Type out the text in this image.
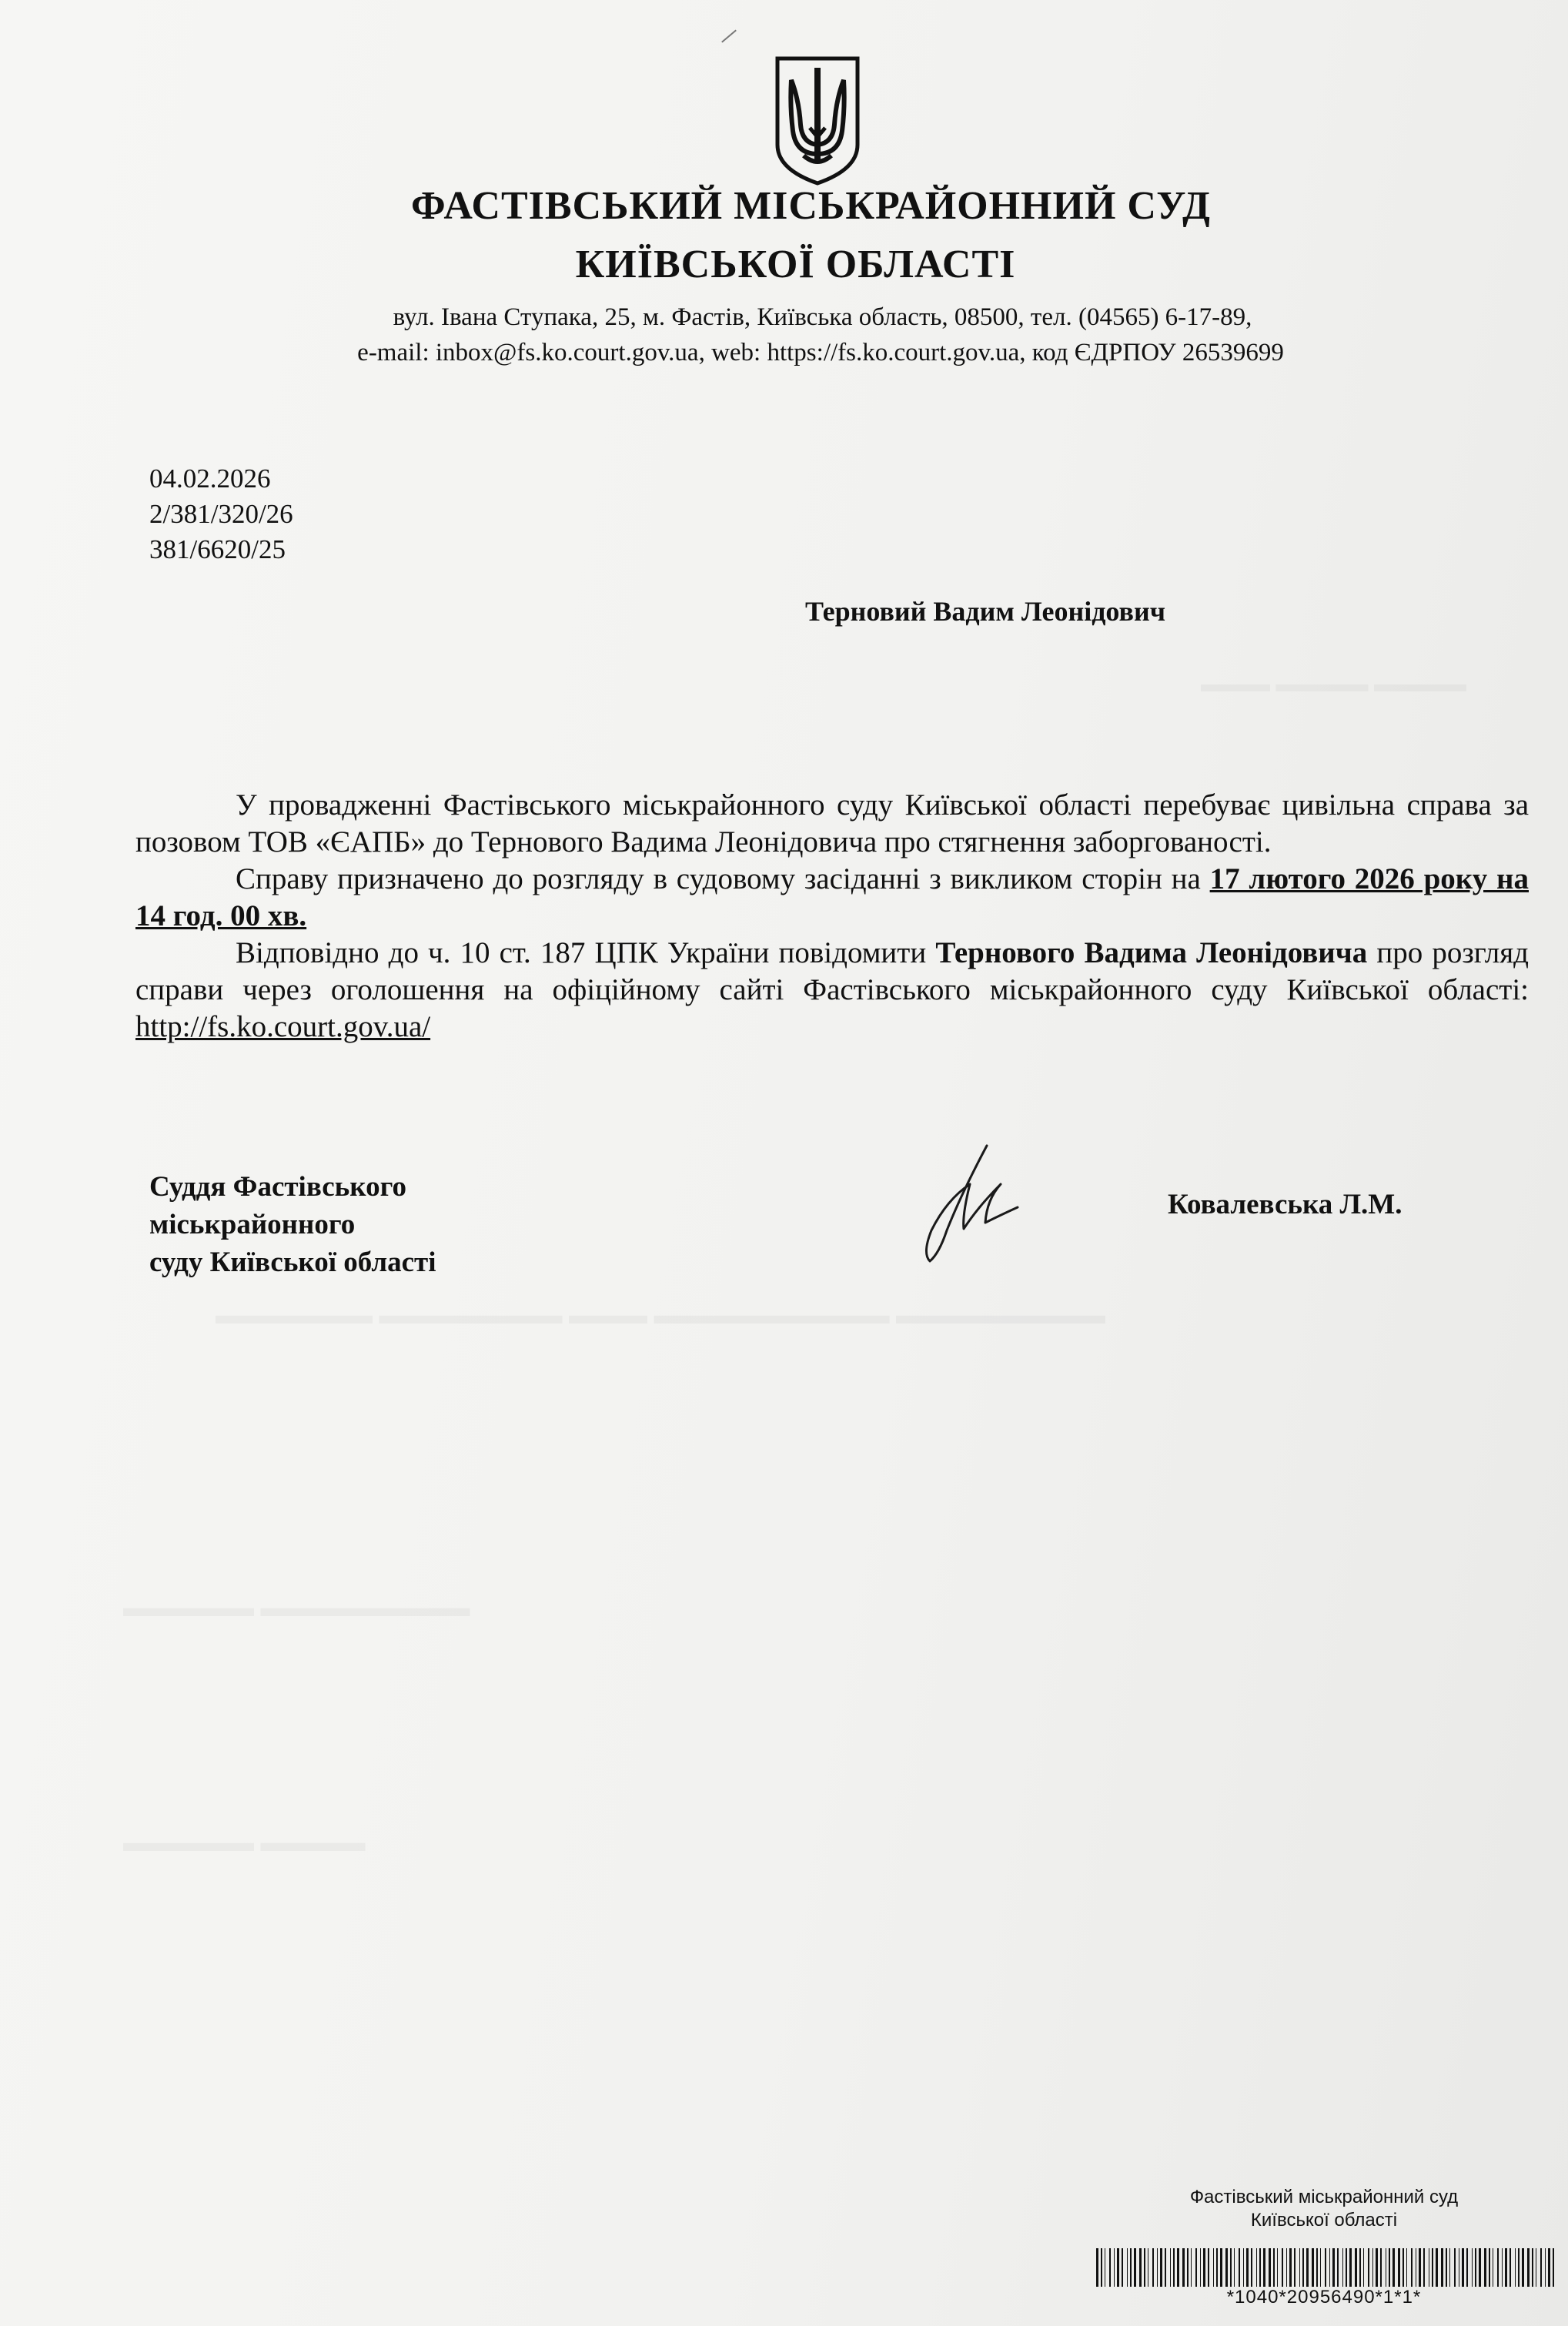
▬▬▬ ▬▬▬▬ ▬▬▬▬
▬▬▬▬▬▬ ▬▬▬▬▬▬▬ ▬▬▬ ▬▬▬▬▬▬▬▬▬ ▬▬▬▬▬▬▬▬
▬▬▬▬▬ ▬▬▬▬▬▬▬▬
▬▬▬▬▬ ▬▬▬▬
ФАСТІВСЬКИЙ МІСЬКРАЙОННИЙ СУД
КИЇВСЬКОЇ ОБЛАСТІ
вул. Івана Ступака, 25, м. Фастів, Київська область, 08500, тел. (04565) 6-17-89,
e-mail: inbox@fs.ko.court.gov.ua, web: https://fs.ko.court.gov.ua, код ЄДРПОУ 26539699
04.02.2026
2/381/320/26
381/6620/25
Терновий Вадим Леонідович

У провадженні Фастівського міськрайонного суду Київської області перебуває цивільна справа за позовом ТОВ «ЄАПБ» до Тернового Вадима Леонідовича про стягнення заборгованості.

Справу призначено до розгляду в судовому засіданні з викликом сторін на 17 лютого 2026 року на 14 год. 00 хв.

Відповідно до ч. 10 ст. 187 ЦПК України повідомити Тернового Вадима Леонідовича про розгляд справи через оголошення на офіційному сайті Фастівського міськрайонного суду Київської області: http://fs.ko.court.gov.ua/

Суддя Фастівського
міськрайонного
суду Київської області
Ковалевська Л.М.
Фастівський міськрайонний суд
Київської області
*1040*20956490*1*1*
